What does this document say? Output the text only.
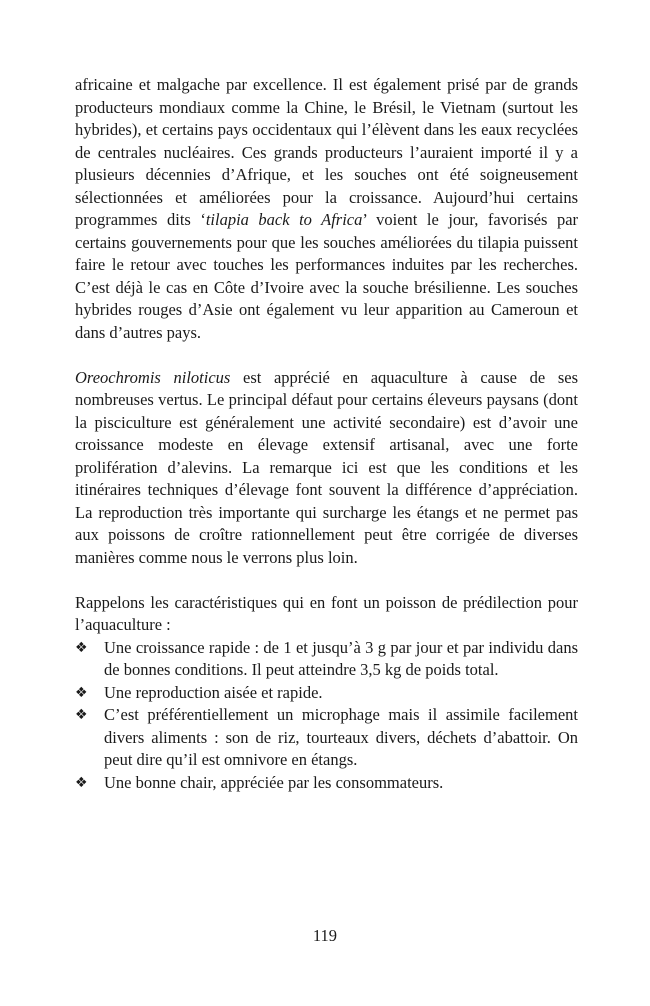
africaine et malgache par excellence. Il est également prisé par de grands producteurs mondiaux comme la Chine, le Brésil, le Vietnam (surtout les hybrides), et certains pays occidentaux qui l’élèvent dans les eaux recyclées de centrales nucléaires. Ces grands producteurs l’auraient importé il y a plusieurs décennies d’Afrique, et les souches ont été soigneusement sélectionnées et améliorées pour la croissance. Aujourd’hui certains programmes dits ‘tilapia back to Africa’ voient le jour, favorisés par certains gouvernements pour que les souches améliorées du tilapia puissent faire le retour avec touches les performances induites par les recherches. C’est déjà le cas en Côte d’Ivoire avec la souche brésilienne. Les souches hybrides rouges d’Asie ont également vu leur apparition au Cameroun et dans d’autres pays.

Oreochromis niloticus est apprécié en aquaculture à cause de ses nombreuses vertus. Le principal défaut pour certains éleveurs paysans (dont la pisciculture est généralement une activité secondaire) est d’avoir une croissance modeste en élevage extensif artisanal, avec une forte prolifération d’alevins. La remarque ici est que les conditions et les itinéraires techniques d’élevage font souvent la différence d’appréciation. La reproduction très importante qui surcharge les étangs et ne permet pas aux poissons de croître rationnellement peut être corrigée de diverses manières comme nous le verrons plus loin.

Rappelons les caractéristiques qui en font un poisson de prédilection pour l’aquaculture :

❖ Une croissance rapide : de 1 et jusqu’à 3 g par jour et par individu dans de bonnes conditions. Il peut atteindre 3,5 kg de poids total.
❖ Une reproduction aisée et rapide.
❖ C’est préférentiellement un microphage mais il assimile facilement divers aliments : son de riz, tourteaux divers, déchets d’abattoir. On peut dire qu’il est omnivore en étangs.
❖ Une bonne chair, appréciée par les consommateurs.
119
